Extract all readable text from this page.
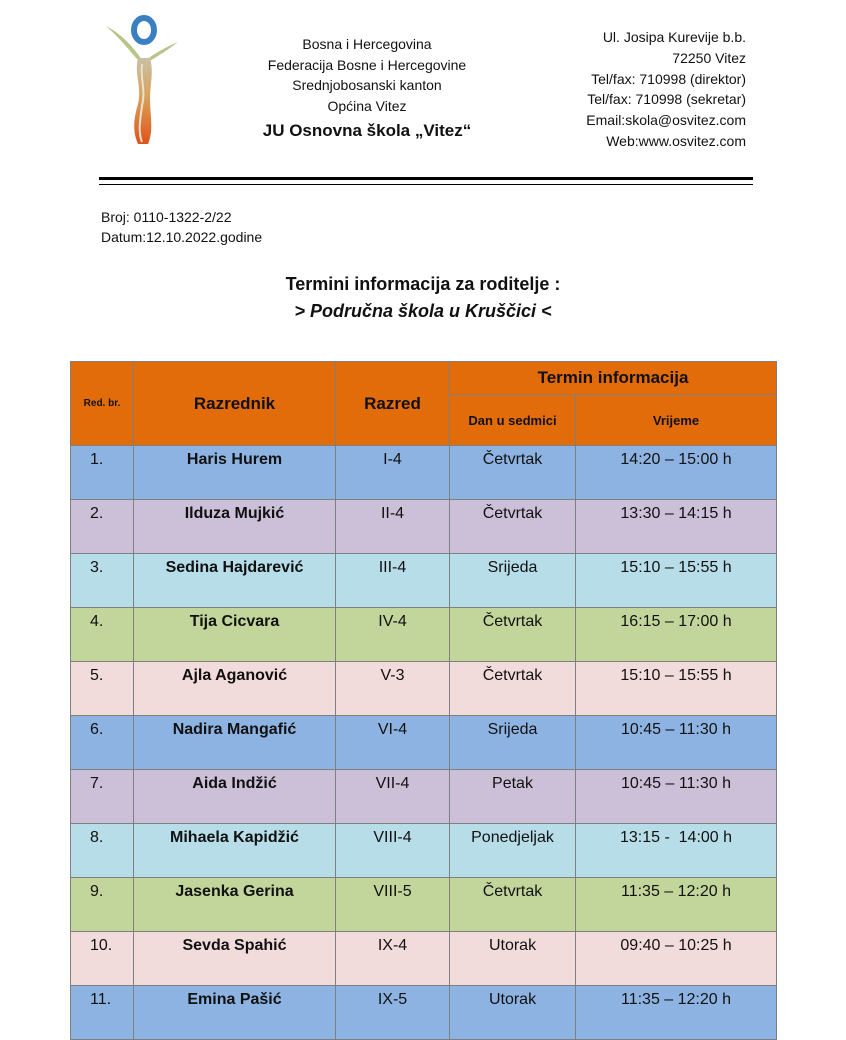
Bosna i Hercegovina
Federacija Bosne i Hercegovine
Srednjobosanski kanton
Općina Vitez
JU Osnovna škola „Vitez“
Ul. Josipa Kurevije b.b.
72250 Vitez
Tel/fax: 710998 (direktor)
Tel/fax: 710998 (sekretar)
Email:skola@osvitez.com
Web:www.osvitez.com
Broj: 0110-1322-2/22
Datum:12.10.2022.godine
Termini informacija za roditelje :
> Područna škola u Kruščici <
Red. br.	Razrednik	Razred	Termin informacija	
			Dan u sedmici	Vrijeme
1.	Haris Hurem	I-4	Četvrtak	14:20 – 15:00 h
2.	Ilduza Mujkić	II-4	Četvrtak	13:30 – 14:15 h
3.	Sedina Hajdarević	III-4	Srijeda	15:10 – 15:55 h
4.	Tija Cicvara	IV-4	Četvrtak	16:15 – 17:00 h
5.	Ajla Aganović	V-3	Četvrtak	15:10 – 15:55 h
6.	Nadira Mangafić	VI-4	Srijeda	10:45 – 11:30 h
7.	Aida Indžić	VII-4	Petak	10:45 – 11:30 h
8.	Mihaela Kapidžić	VIII-4	Ponedjeljak	13:15 -  14:00 h
9.	Jasenka Gerina	VIII-5	Četvrtak	11:35 – 12:20 h
10.	Sevda Spahić	IX-4	Utorak	09:40 – 10:25 h
11.	Emina Pašić	IX-5	Utorak	11:35 – 12:20 h
